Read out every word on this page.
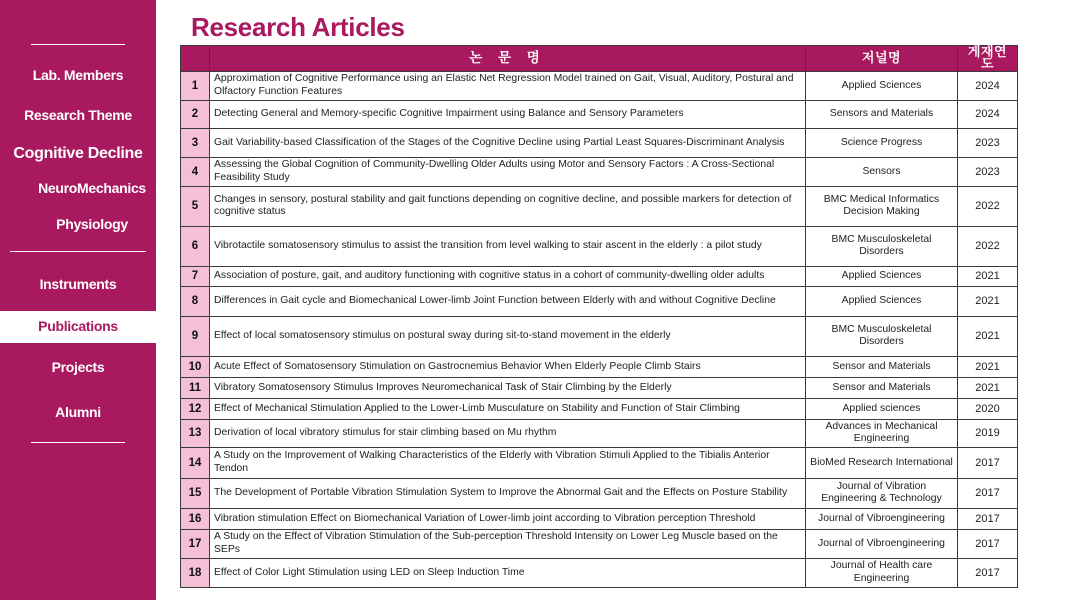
Lab. Members
Research Theme
Cognitive Decline
NeuroMechanics
Physiology
Instruments
Publications
Projects
Alumni
Research Articles
	논 문 명	저널명	게재연도
1	Approximation of Cognitive Performance using an Elastic Net Regression Model trained on Gait, Visual, Auditory, Postural and Olfactory Function Features	Applied Sciences	2024
2	Detecting General and Memory-specific Cognitive Impairment using Balance and Sensory Parameters	Sensors and Materials	2024
3	Gait Variability-based Classification of the Stages of the Cognitive Decline using Partial Least Squares-Discriminant Analysis	Science Progress	2023
4	Assessing the Global Cognition of Community-Dwelling Older Adults using Motor and Sensory Factors : A Cross-Sectional Feasibility Study	Sensors	2023
5	Changes in sensory, postural stability and gait functions depending on cognitive decline, and possible markers for detection of cognitive status	BMC Medical Informatics Decision Making	2022
6	Vibrotactile somatosensory stimulus to assist the transition from level walking to stair ascent in the elderly : a pilot study	BMC Musculoskeletal Disorders	2022
7	Association of posture, gait, and auditory functioning with cognitive status in a cohort of community-dwelling older adults	Applied Sciences	2021
8	Differences in Gait cycle and Biomechanical Lower-limb Joint Function between Elderly with and without Cognitive Decline	Applied Sciences	2021
9	Effect of local somatosensory stimulus on postural sway during sit-to-stand movement in the elderly	BMC Musculoskeletal Disorders	2021
10	Acute Effect of Somatosensory Stimulation on Gastrocnemius Behavior When Elderly People Climb Stairs	Sensor and Materials	2021
11	Vibratory Somatosensory Stimulus Improves Neuromechanical Task of Stair Climbing by the Elderly	Sensor and Materials	2021
12	Effect of Mechanical Stimulation Applied to the Lower-Limb Musculature on Stability and Function of Stair Climbing	Applied sciences	2020
13	Derivation of local vibratory stimulus for stair climbing based on Mu rhythm	Advances in Mechanical Engineering	2019
14	A Study on the Improvement of Walking Characteristics of the Elderly with Vibration Stimuli Applied to the Tibialis Anterior Tendon	BioMed Research International	2017
15	The Development of Portable Vibration Stimulation System to Improve the Abnormal Gait and the Effects on Posture Stability	Journal of Vibration Engineering & Technology	2017
16	Vibration stimulation Effect on Biomechanical Variation of Lower-limb joint according to Vibration perception Threshold	Journal of Vibroengineering	2017
17	A Study on the Effect of Vibration Stimulation of the Sub-perception Threshold Intensity on Lower Leg Muscle based on the SEPs	Journal of Vibroengineering	2017
18	Effect of Color Light Stimulation using LED on Sleep Induction Time	Journal of Health care Engineering	2017
